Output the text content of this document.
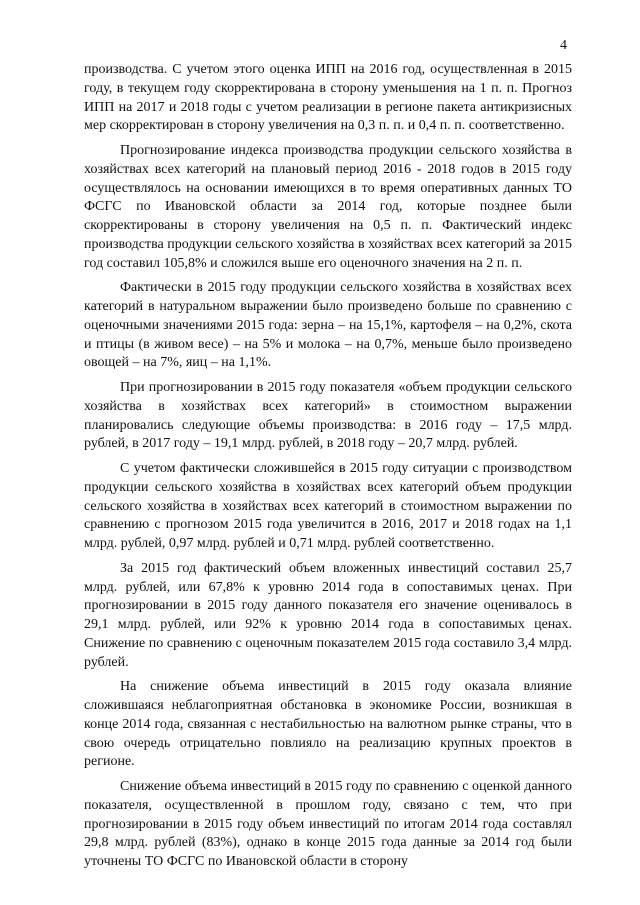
4

производства. С учетом этого оценка ИПП на 2016 год, осуществленная в 2015 году, в текущем году скорректирована в сторону уменьшения на 1 п. п. Прогноз ИПП на 2017 и 2018 годы с учетом реализации в регионе пакета антикризисных мер скорректирован в сторону увеличения на 0,3 п. п. и 0,4 п. п. соответственно.

Прогнозирование индекса производства продукции сельского хозяйства в хозяйствах всех категорий на плановый период 2016 - 2018 годов в 2015 году осуществлялось на основании имеющихся в то время оперативных данных ТО ФСГС по Ивановской области за 2014 год, которые позднее были скорректированы в сторону увеличения на 0,5 п. п. Фактический индекс производства продукции сельского хозяйства в хозяйствах всех категорий за 2015 год составил 105,8% и сложился выше его оценочного значения на 2 п. п.

Фактически в 2015 году продукции сельского хозяйства в хозяйствах всех категорий в натуральном выражении было произведено больше по сравнению с оценочными значениями 2015 года: зерна – на 15,1%, картофеля – на 0,2%, скота и птицы (в живом весе) – на 5% и молока – на 0,7%, меньше было произведено овощей – на 7%, яиц – на 1,1%.

При прогнозировании в 2015 году показателя «объем продукции сельского хозяйства в хозяйствах всех категорий» в стоимостном выражении планировались следующие объемы производства: в 2016 году – 17,5 млрд. рублей, в 2017 году – 19,1 млрд. рублей, в 2018 году – 20,7 млрд. рублей.

С учетом фактически сложившейся в 2015 году ситуации с производством продукции сельского хозяйства в хозяйствах всех категорий объем продукции сельского хозяйства в хозяйствах всех категорий в стоимостном выражении по сравнению с прогнозом 2015 года увеличится в 2016, 2017 и 2018 годах на 1,1 млрд. рублей, 0,97 млрд. рублей и 0,71 млрд. рублей соответственно.

За 2015 год фактический объем вложенных инвестиций составил 25,7 млрд. рублей, или 67,8% к уровню 2014 года в сопоставимых ценах. При прогнозировании в 2015 году данного показателя его значение оценивалось в 29,1 млрд. рублей, или 92% к уровню 2014 года в сопоставимых ценах. Снижение по сравнению с оценочным показателем 2015 года составило 3,4 млрд. рублей.

На снижение объема инвестиций в 2015 году оказала влияние сложившаяся неблагоприятная обстановка в экономике России, возникшая в конце 2014 года, связанная с нестабильностью на валютном рынке страны, что в свою очередь отрицательно повлияло на реализацию крупных проектов в регионе.

Снижение объема инвестиций в 2015 году по сравнению с оценкой данного показателя, осуществленной в прошлом году, связано с тем, что при прогнозировании в 2015 году объем инвестиций по итогам 2014 года составлял 29,8 млрд. рублей (83%), однако в конце 2015 года данные за 2014 год были уточнены ТО ФСГС по Ивановской области в сторону
